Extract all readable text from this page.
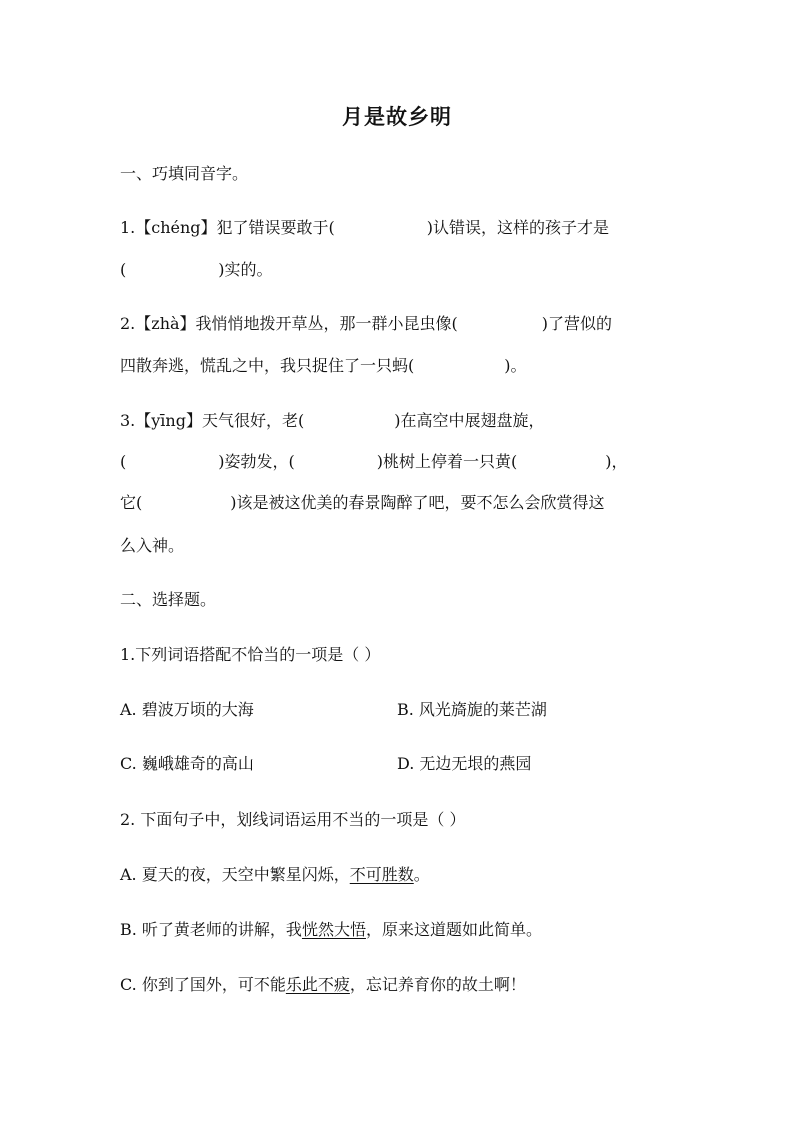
月是故乡明
一、巧填同音字。
1.【chéng】犯了错误要敢于(	)认错误，这样的孩子才是
(	)实的。
2.【zhà】我悄悄地拨开草丛，那一群小昆虫像(	)了营似的
四散奔逃，慌乱之中，我只捉住了一只蚂(	)。
3.【yīng】天气很好，老(	)在高空中展翅盘旋，
(	)姿勃发，(	)桃树上停着一只黄(	)，
它(	)该是被这优美的春景陶醉了吧，要不怎么会欣赏得这
么入神。
二、选择题。
1.下列词语搭配不恰当的一项是（ ）
A. 碧波万顷的大海	B. 风光旖旎的莱芒湖
C. 巍峨雄奇的高山	D. 无边无垠的燕园
2. 下面句子中，划线词语运用不当的一项是（ ）
A. 夏天的夜，天空中繁星闪烁，不可胜数。
B. 听了黄老师的讲解，我恍然大悟，原来这道题如此简单。
C. 你到了国外，可不能乐此不疲，忘记养育你的故土啊！
